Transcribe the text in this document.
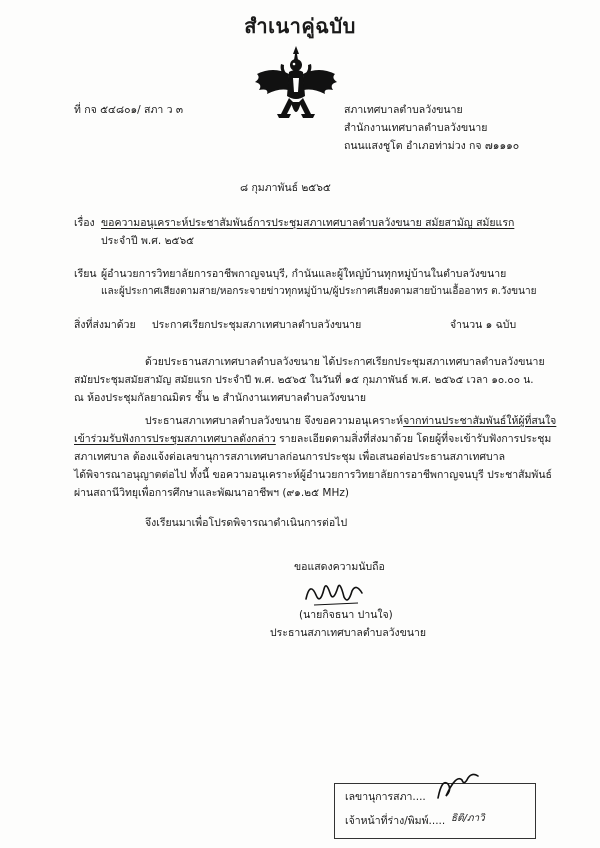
สำเนาคู่ฉบับ
ที่ กจ ๕๔๘๐๑/ สภา ว ๓	สภาเทศบาลตำบลวังขนาย
สำนักงานเทศบาลตำบลวังขนาย
ถนนแสงชูโต อำเภอท่าม่วง กจ ๗๑๑๑๐
๘ กุมภาพันธ์ ๒๕๖๕
เรื่อง ขอความอนุเคราะห์ประชาสัมพันธ์การประชุมสภาเทศบาลตำบลวังขนาย สมัยสามัญ สมัยแรก
ประจำปี พ.ศ. ๒๕๖๕
เรียน ผู้อำนวยการวิทยาลัยการอาชีพกาญจนบุรี, กำนันและผู้ใหญ่บ้านทุกหมู่บ้านในตำบลวังขนาย
และผู้ประกาศเสียงตามสาย/หอกระจายข่าวทุกหมู่บ้าน/ผู้ประกาศเสียงตามสายบ้านเอื้ออาทร ต.วังขนาย
สิ่งที่ส่งมาด้วย ประกาศเรียกประชุมสภาเทศบาลตำบลวังขนาย	จำนวน ๑ ฉบับ
ด้วยประธานสภาเทศบาลตำบลวังขนาย ได้ประกาศเรียกประชุมสภาเทศบาลตำบลวังขนาย
สมัยประชุมสมัยสามัญ สมัยแรก ประจำปี พ.ศ. ๒๕๖๕ ในวันที่ ๑๕ กุมภาพันธ์ พ.ศ. ๒๕๖๕ เวลา ๑๐.๐๐ น.
ณ ห้องประชุมกัลยาณมิตร ชั้น ๒ สำนักงานเทศบาลตำบลวังขนาย
ประธานสภาเทศบาลตำบลวังขนาย จึงขอความอนุเคราะห์จากท่านประชาสัมพันธ์ให้ผู้ที่สนใจ
เข้าร่วมรับฟังการประชุมสภาเทศบาลดังกล่าว รายละเอียดตามสิ่งที่ส่งมาด้วย โดยผู้ที่จะเข้ารับฟังการประชุม
สภาเทศบาล ต้องแจ้งต่อเลขานุการสภาเทศบาลก่อนการประชุม เพื่อเสนอต่อประธานสภาเทศบาล
ได้พิจารณาอนุญาตต่อไป ทั้งนี้ ขอความอนุเคราะห์ผู้อำนวยการวิทยาลัยการอาชีพกาญจนบุรี ประชาสัมพันธ์
ผ่านสถานีวิทยุเพื่อการศึกษาและพัฒนาอาชีพฯ (๙๑.๒๕ MHz)
จึงเรียนมาเพื่อโปรดพิจารณาดำเนินการต่อไป
ขอแสดงความนับถือ
(นายกิจธนา ปานใจ)
ประธานสภาเทศบาลตำบลวังขนาย
เลขานุการสภา....
เจ้าหน้าที่ร่าง/พิมพ์..... ธิติ/ภาวิ
